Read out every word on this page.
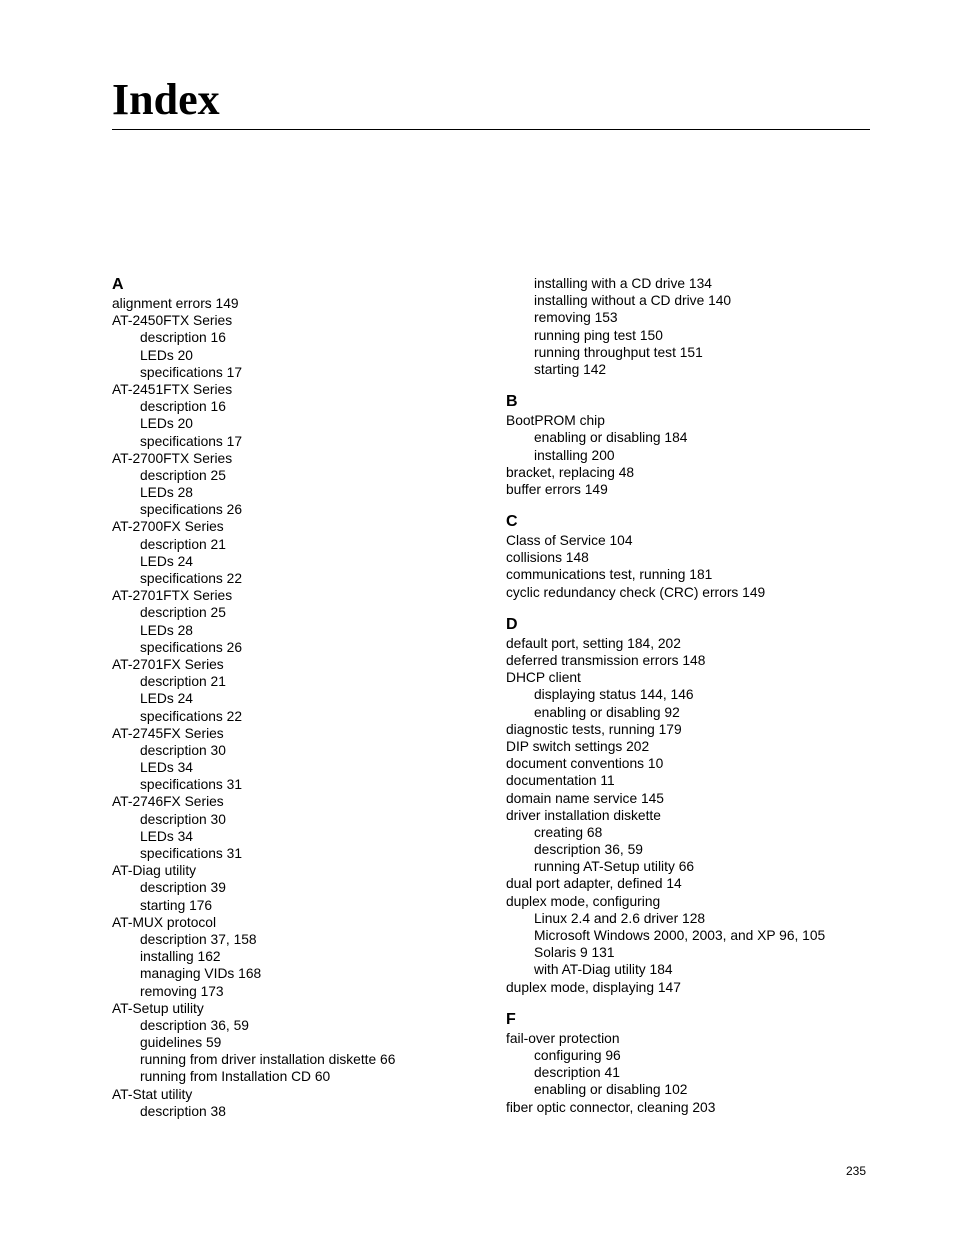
Index
A
alignment errors 149
AT-2450FTX Series
description 16
LEDs 20
specifications 17
AT-2451FTX Series
description 16
LEDs 20
specifications 17
AT-2700FTX Series
description 25
LEDs 28
specifications 26
AT-2700FX Series
description 21
LEDs 24
specifications 22
AT-2701FTX Series
description 25
LEDs 28
specifications 26
AT-2701FX Series
description 21
LEDs 24
specifications 22
AT-2745FX Series
description 30
LEDs 34
specifications 31
AT-2746FX Series
description 30
LEDs 34
specifications 31
AT-Diag utility
description 39
starting 176
AT-MUX protocol
description 37, 158
installing 162
managing VIDs 168
removing 173
AT-Setup utility
description 36, 59
guidelines 59
running from driver installation diskette 66
running from Installation CD 60
AT-Stat utility
description 38
installing with a CD drive 134
installing without a CD drive 140
removing 153
running ping test 150
running throughput test 151
starting 142
B
BootPROM chip
enabling or disabling 184
installing 200
bracket, replacing 48
buffer errors 149
C
Class of Service 104
collisions 148
communications test, running 181
cyclic redundancy check (CRC) errors 149
D
default port, setting 184, 202
deferred transmission errors 148
DHCP client
displaying status 144, 146
enabling or disabling 92
diagnostic tests, running 179
DIP switch settings 202
document conventions 10
documentation 11
domain name service 145
driver installation diskette
creating 68
description 36, 59
running AT-Setup utility 66
dual port adapter, defined 14
duplex mode, configuring
Linux 2.4 and 2.6 driver 128
Microsoft Windows 2000, 2003, and XP 96, 105
Solaris 9 131
with AT-Diag utility 184
duplex mode, displaying 147
F
fail-over protection
configuring 96
description 41
enabling or disabling 102
fiber optic connector, cleaning 203
235
